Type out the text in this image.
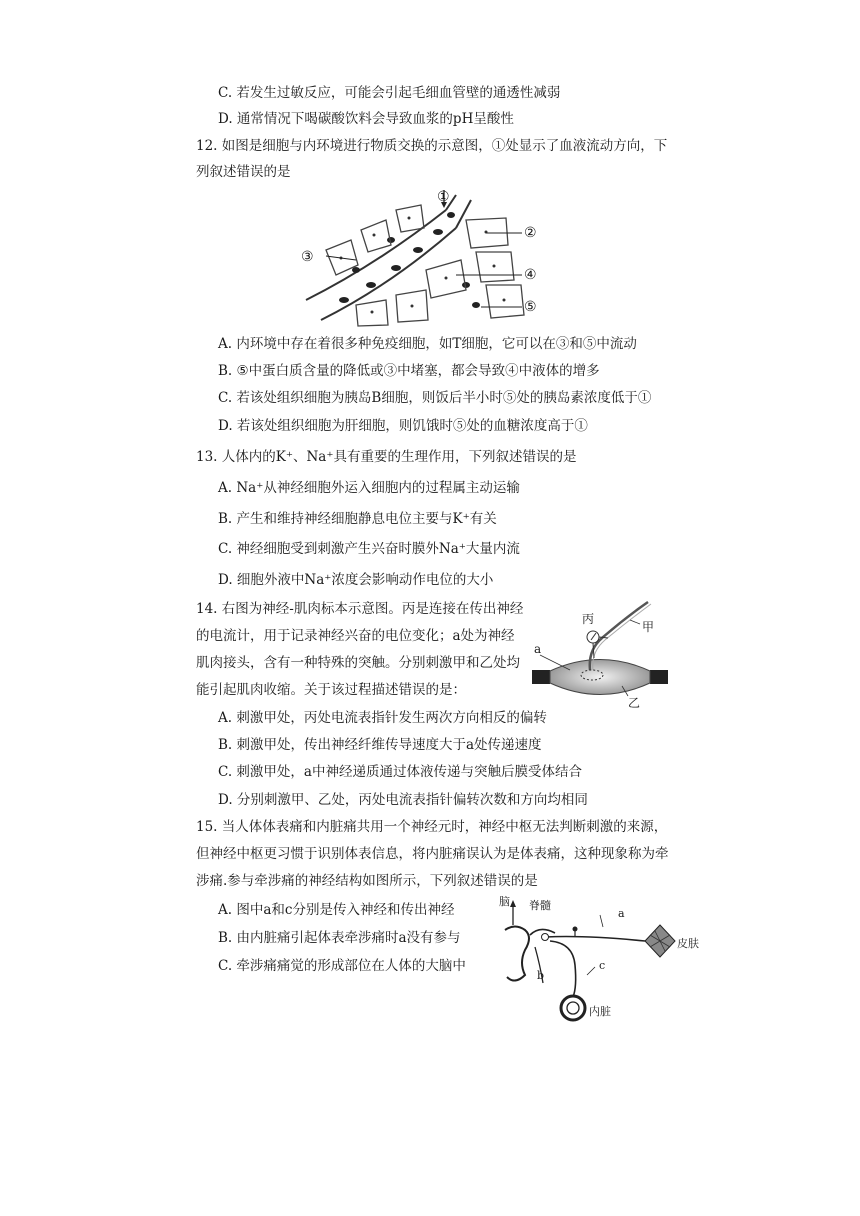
C. 若发生过敏反应，可能会引起毛细血管壁的通透性减弱
D. 通常情况下喝碳酸饮料会导致血浆的pH呈酸性
12. 如图是细胞与内环境进行物质交换的示意图，①处显示了血液流动方向，下
列叙述错误的是
①
②
③
④
⑤
A. 内环境中存在着很多种免疫细胞，如T细胞，它可以在③和⑤中流动
B. ⑤中蛋白质含量的降低或③中堵塞，都会导致④中液体的增多
C. 若该处组织细胞为胰岛B细胞，则饭后半小时⑤处的胰岛素浓度低于①
D. 若该处组织细胞为肝细胞，则饥饿时⑤处的血糖浓度高于①
13. 人体内的K⁺、Na⁺具有重要的生理作用，下列叙述错误的是
A. Na⁺从神经细胞外运入细胞内的过程属主动运输
B. 产生和维持神经细胞静息电位主要与K⁺有关
C. 神经细胞受到刺激产生兴奋时膜外Na⁺大量内流
D. 细胞外液中Na⁺浓度会影响动作电位的大小
14. 右图为神经-肌肉标本示意图。丙是连接在传出神经
的电流计，用于记录神经兴奋的电位变化；a处为神经
肌肉接头，含有一种特殊的突触。分别刺激甲和乙处均
能引起肌肉收缩。关于该过程描述错误的是：
丙
甲
a
乙
A. 刺激甲处，丙处电流表指针发生两次方向相反的偏转
B. 刺激甲处，传出神经纤维传导速度大于a处传递速度
C. 刺激甲处，a中神经递质通过体液传递与突触后膜受体结合
D. 分别刺激甲、乙处，丙处电流表指针偏转次数和方向均相同
15. 当人体体表痛和内脏痛共用一个神经元时，神经中枢无法判断刺激的来源，
但神经中枢更习惯于识别体表信息，将内脏痛误认为是体表痛，这种现象称为牵
涉痛.参与牵涉痛的神经结构如图所示，下列叙述错误的是
A. 图中a和c分别是传入神经和传出神经
B. 由内脏痛引起体表牵涉痛时a没有参与
C. 牵涉痛痛觉的形成部位在人体的大脑中
脑 脊髓
皮肤
内脏
a
b
c
